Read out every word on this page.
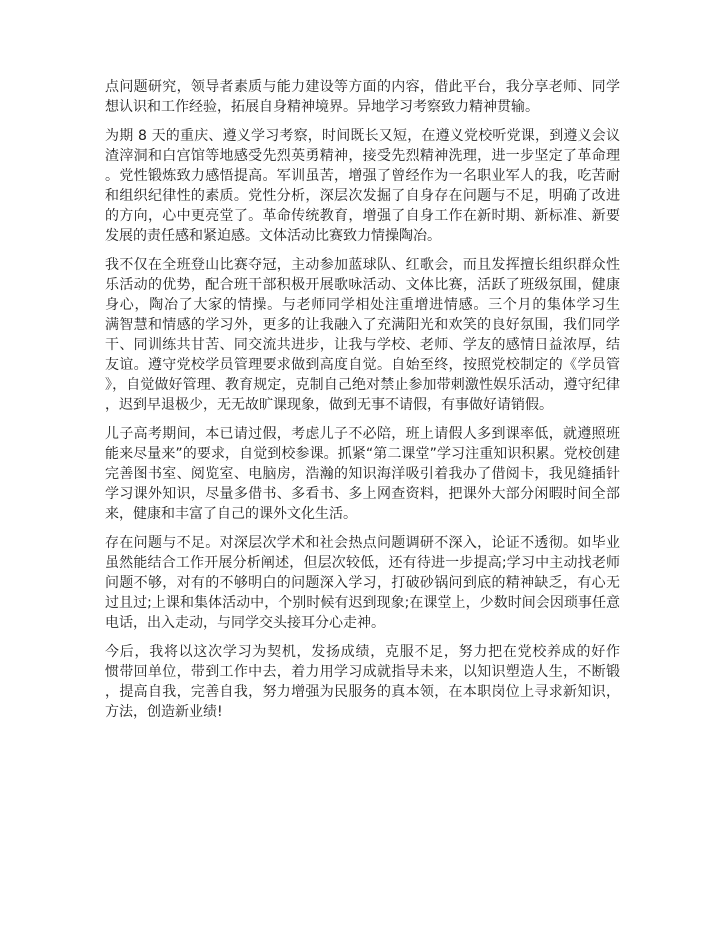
点问题研究，领导者素质与能力建设等方面的内容，借此平台，我分享老师、同学
想认识和工作经验，拓展自身精神境界。异地学习考察致力精神贯输。
为期 8 天的重庆、遵义学习考察，时间既长又短，在遵义党校听党课，到遵义会议
渣滓洞和白宫馆等地感受先烈英勇精神，接受先烈精神洗理，进一步坚定了革命理
。党性锻炼致力感悟提高。军训虽苦，增强了曾经作为一名职业军人的我，吃苦耐
和组织纪律性的素质。党性分析，深层次发掘了自身存在问题与不足，明确了改进
的方向，心中更亮堂了。革命传统教育，增强了自身工作在新时期、新标准、新要
发展的责任感和紧迫感。文体活动比赛致力情操陶冶。
我不仅在全班登山比赛夺冠，主动参加蓝球队、红歌会，而且发挥擅长组织群众性
乐活动的优势，配合班干部积极开展歌咏活动、文体比赛，活跃了班级氛围，健康
身心，陶冶了大家的情操。与老师同学相处注重增进情感。三个月的集体学习生
满智慧和情感的学习外，更多的让我融入了充满阳光和欢笑的良好氛围，我们同学
干、同训练共甘苦、同交流共进步，让我与学校、老师、学友的感情日益浓厚，结
友谊。遵守党校学员管理要求做到高度自觉。自始至终，按照党校制定的《学员管
》，自觉做好管理、教育规定，克制自己绝对禁止参加带刺激性娱乐活动，遵守纪律
，迟到早退极少，无无故旷课现象，做到无事不请假，有事做好请销假。
儿子高考期间，本已请过假，考虑儿子不必陪，班上请假人多到课率低，就遵照班
能来尽量来”的要求，自觉到校参课。抓紧“第二课堂”学习注重知识积累。党校创建
完善图书室、阅览室、电脑房，浩瀚的知识海洋吸引着我办了借阅卡，我见缝插针
学习课外知识，尽量多借书、多看书、多上网查资料，把课外大部分闲暇时间全部
来，健康和丰富了自己的课外文化生活。
存在问题与不足。对深层次学术和社会热点问题调研不深入，论证不透彻。如毕业
虽然能结合工作开展分析阐述，但层次较低，还有待进一步提高;学习中主动找老师
问题不够，对有的不够明白的问题深入学习，打破砂锅问到底的精神缺乏，有心无
过且过;上课和集体活动中，个别时候有迟到现象;在课堂上，少数时间会因琐事任意
电话，出入走动，与同学交头接耳分心走神。
今后，我将以这次学习为契机，发扬成绩，克服不足，努力把在党校养成的好作
惯带回单位，带到工作中去，着力用学习成就指导未来，以知识塑造人生，不断锻
，提高自我，完善自我，努力增强为民服务的真本领，在本职岗位上寻求新知识，
方法，创造新业绩!
